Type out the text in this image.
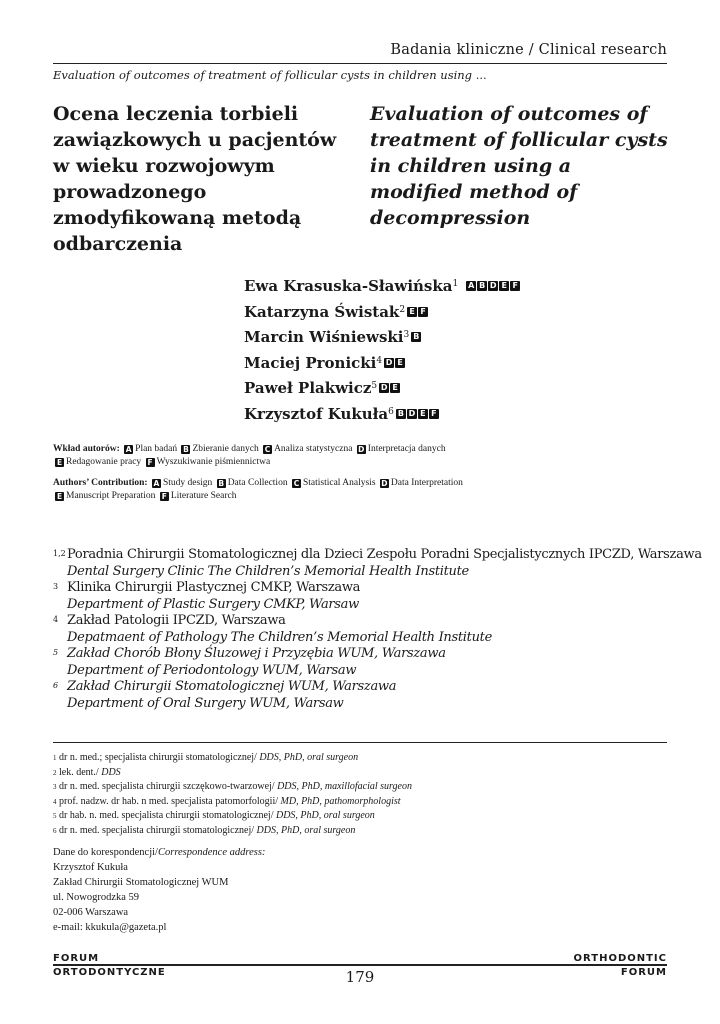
Badania kliniczne / Clinical research
Evaluation of outcomes of treatment of follicular cysts in children using ...
Ocena leczenia torbieli zawiązkowych u pacjentów w wieku rozwojowym prowadzonego zmodyfikowaną metodą odbarczenia
Evaluation of outcomes of treatment of follicular cysts in children using a modified method of decompression
Ewa Krasuska-Sławińska$^1$ A B D E F
Katarzyna Świstak$^2$ E F
Marcin Wiśniewski$^3$ B
Maciej Pronicki$^4$ D E
Paweł Plakwicz$^5$ D E
Krzysztof Kukuła$^6$ B D E F
Wkład autorów: A Plan badań B Zbieranie danych C Analiza statystyczna D Interpretacja danych
E Redagowanie pracy F Wyszukiwanie piśmiennictwa
Authors’ Contribution: A Study design B Data Collection C Statistical Analysis D Data Interpretation
E Manuscript Preparation F Literature Search
1,2 Poradnia Chirurgii Stomatologicznej dla Dzieci Zespołu Poradni Specjalistycznych IPCZD, Warszawa
Dental Surgery Clinic The Children’s Memorial Health Institute
3 Klinika Chirurgii Plastycznej CMKP, Warszawa
Department of Plastic Surgery CMKP, Warsaw
4 Zakład Patologii IPCZD, Warszawa
Depatmaent of Pathology The Children’s Memorial Health Institute
5 Zakład Chorób Błony Śluzowej i Przyzębia WUM, Warszawa
Department of Periodontology WUM, Warsaw
6 Zakład Chirurgii Stomatologicznej WUM, Warszawa
Department of Oral Surgery WUM, Warsaw
$^1$ dr n. med.; specjalista chirurgii stomatologicznej/ DDS, PhD, oral surgeon
$^2$ lek. dent./ DDS
$^3$ dr n. med. specjalista chirurgii szczękowo-twarzowej/ DDS, PhD, maxillofacial surgeon
$^4$ prof. nadzw. dr hab. n med. specjalista patomorfologii/ MD, PhD, pathomorphologist
$^5$ dr hab. n. med. specjalista chirurgii stomatologicznej/ DDS, PhD, oral surgeon
$^6$ dr n. med. specjalista chirurgii stomatologicznej/ DDS, PhD, oral surgeon
Dane do korespondencji/Correspondence address:
Krzysztof Kukuła
Zakład Chirurgii Stomatologicznej WUM
ul. Nowogrodzka 59
02-006 Warszawa
e-mail: kkukula@gazeta.pl
FORUM
ORTODONTYCZNE
ORTHODONTIC
FORUM
179
